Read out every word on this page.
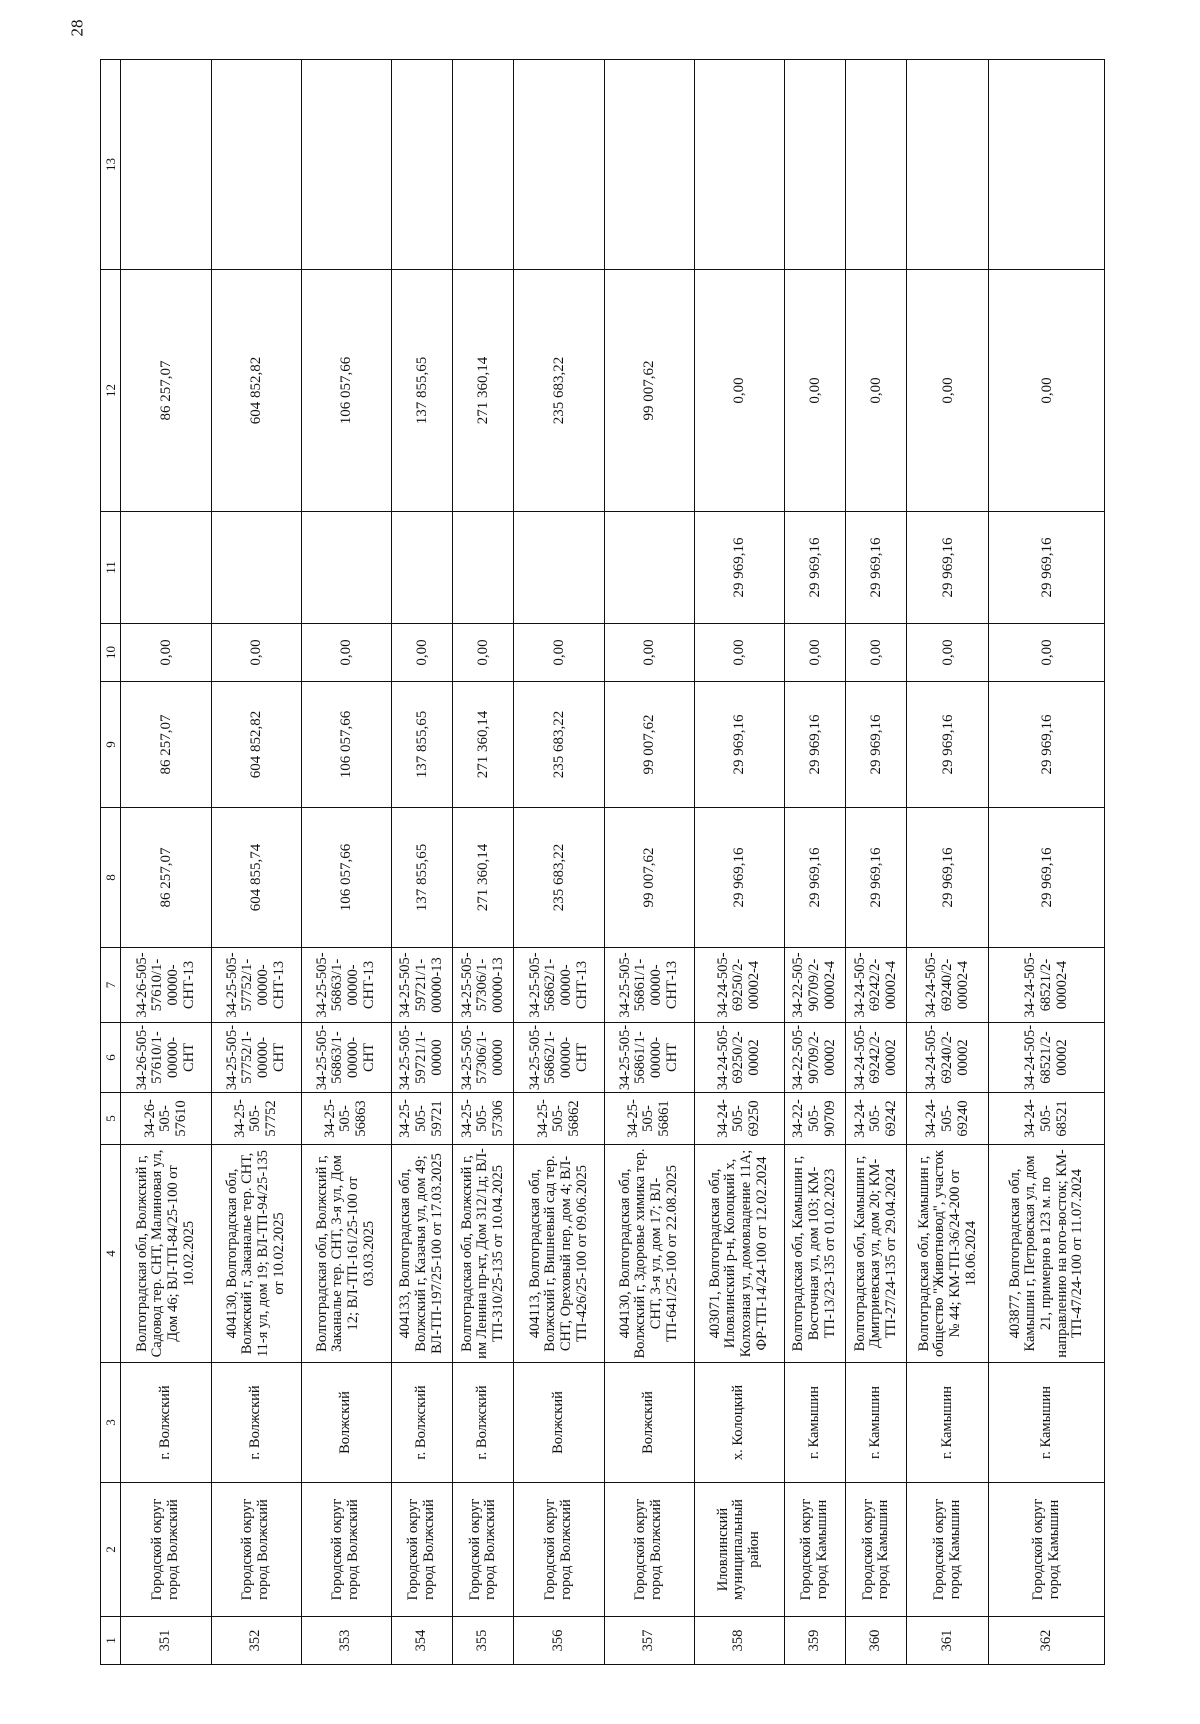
28
1	2	3	4	5	6	7	8	9	10	11	12	13
351	Городской округ город Волжский	г. Волжский	Волгоградская обл, Волжский г, Садовод тер. СНТ, Малиновая ул, Дом 46; ВЛ-ТП-84/25-100 от 10.02.2025	34-26-505-57610	34-26-505-57610/1-00000-СНТ	34-26-505-57610/1-00000-СНТ-13	86 257,07	86 257,07	0,00		86 257,07	
352	Городской округ город Волжский	г. Волжский	404130, Волгоградская обл, Волжский г, Заканалье тер. СНТ, 11-я ул, дом 19; ВЛ-ТП-94/25-135 от 10.02.2025	34-25-505-57752	34-25-505-57752/1-00000-СНТ	34-25-505-57752/1-00000-СНТ-13	604 855,74	604 852,82	0,00		604 852,82	
353	Городской округ город Волжский	Волжский	Волгоградская обл, Волжский г, Заканалье тер. СНТ, 3-я ул, Дом 12; ВЛ-ТП-161/25-100 от 03.03.2025	34-25-505-56863	34-25-505-56863/1-00000-СНТ	34-25-505-56863/1-00000-СНТ-13	106 057,66	106 057,66	0,00		106 057,66	
354	Городской округ город Волжский	г. Волжский	404133, Волгоградская обл, Волжский г, Казачья ул, дом 49; ВЛ-ТП-197/25-100 от 17.03.2025	34-25-505-59721	34-25-505-59721/1-00000	34-25-505-59721/1-00000-13	137 855,65	137 855,65	0,00		137 855,65	
355	Городской округ город Волжский	г. Волжский	Волгоградская обл, Волжский г, им Ленина пр-кт, Дом 312/1д; ВЛ-ТП-310/25-135 от 10.04.2025	34-25-505-57306	34-25-505-57306/1-00000	34-25-505-57306/1-00000-13	271 360,14	271 360,14	0,00		271 360,14	
356	Городской округ город Волжский	Волжский	404113, Волгоградская обл, Волжский г, Вишневый сад тер. СНТ, Ореховый пер, дом 4; ВЛ-ТП-426/25-100 от 09.06.2025	34-25-505-56862	34-25-505-56862/1-00000-СНТ	34-25-505-56862/1-00000-СНТ-13	235 683,22	235 683,22	0,00		235 683,22	
357	Городской округ город Волжский	Волжский	404130, Волгоградская обл, Волжский г, Здоровье химика тер. СНТ, 3-я ул, дом 17; ВЛ-ТП-641/25-100 от 22.08.2025	34-25-505-56861	34-25-505-56861/1-00000-СНТ	34-25-505-56861/1-00000-СНТ-13	99 007,62	99 007,62	0,00		99 007,62	
358	Иловлинский муниципальный район	х. Колоцкий	403071, Волгоградская обл, Иловлинский р-н, Колоцкий х, Колхозная ул, домовладение 11А; ФР-ТП-14/24-100 от 12.02.2024	34-24-505-69250	34-24-505-69250/2-00002	34-24-505-69250/2-00002-4	29 969,16	29 969,16	0,00	29 969,16	0,00	
359	Городской округ город Камышин	г. Камышин	Волгоградская обл, Камышин г, Восточная ул, дом 103; КМ-ТП-13/23-135 от 01.02.2023	34-22-505-90709	34-22-505-90709/2-00002	34-22-505-90709/2-00002-4	29 969,16	29 969,16	0,00	29 969,16	0,00	
360	Городской округ город Камышин	г. Камышин	Волгоградская обл, Камышин г, Дмитриевская ул, дом 20; КМ-ТП-27/24-135 от 29.04.2024	34-24-505-69242	34-24-505-69242/2-00002	34-24-505-69242/2-00002-4	29 969,16	29 969,16	0,00	29 969,16	0,00	
361	Городской округ город Камышин	г. Камышин	Волгоградская обл, Камышин г, общество "Животновод", участок № 44; КМ-ТП-36/24-200 от 18.06.2024	34-24-505-69240	34-24-505-69240/2-00002	34-24-505-69240/2-00002-4	29 969,16	29 969,16	0,00	29 969,16	0,00	
362	Городской округ город Камышин	г. Камышин	403877, Волгоградская обл, Камышин г, Петровская ул, дом 21, примерно в 123 м. по направлению на юго-восток; КМ-ТП-47/24-100 от 11.07.2024	34-24-505-68521	34-24-505-68521/2-00002	34-24-505-68521/2-00002-4	29 969,16	29 969,16	0,00	29 969,16	0,00	
